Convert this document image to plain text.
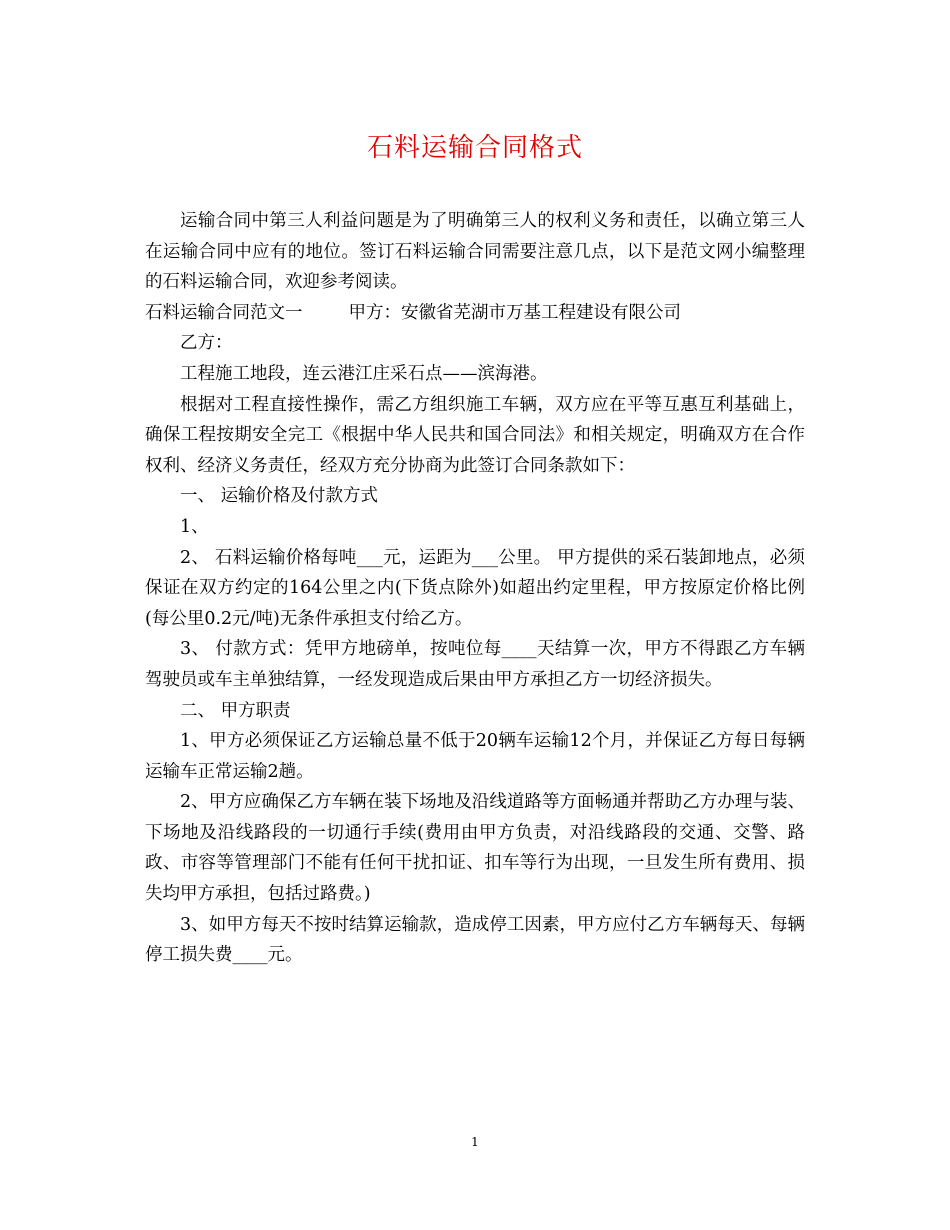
石料运输合同格式

运输合同中第三人利益问题是为了明确第三人的权利义务和责任，以确立第三人在运输合同中应有的地位。签订石料运输合同需要注意几点，以下是范文网小编整理的石料运输合同，欢迎参考阅读。

石料运输合同范文一	甲方：安徽省芜湖市万基工程建设有限公司

乙方：

工程施工地段，连云港江庄采石点——滨海港。

根据对工程直接性操作，需乙方组织施工车辆，双方应在平等互惠互利基础上，确保工程按期安全完工《根据中华人民共和国合同法》和相关规定，明确双方在合作权利、经济义务责任，经双方充分协商为此签订合同条款如下：

一、 运输价格及付款方式

1、

2、 石料运输价格每吨___元，运距为___公里。 甲方提供的采石装卸地点，必须保证在双方约定的164公里之内(下货点除外)如超出约定里程，甲方按原定价格比例(每公里0.2元/吨)无条件承担支付给乙方。

3、 付款方式：凭甲方地磅单，按吨位每____天结算一次，甲方不得跟乙方车辆驾驶员或车主单独结算，一经发现造成后果由甲方承担乙方一切经济损失。

二、 甲方职责

1、甲方必须保证乙方运输总量不低于20辆车运输12个月，并保证乙方每日每辆运输车正常运输2趟。

2、甲方应确保乙方车辆在装下场地及沿线道路等方面畅通并帮助乙方办理与装、下场地及沿线路段的一切通行手续(费用由甲方负责，对沿线路段的交通、交警、路政、市容等管理部门不能有任何干扰扣证、扣车等行为出现，一旦发生所有费用、损失均甲方承担，包括过路费。)

3、如甲方每天不按时结算运输款，造成停工因素，甲方应付乙方车辆每天、每辆停工损失费____元。

1
